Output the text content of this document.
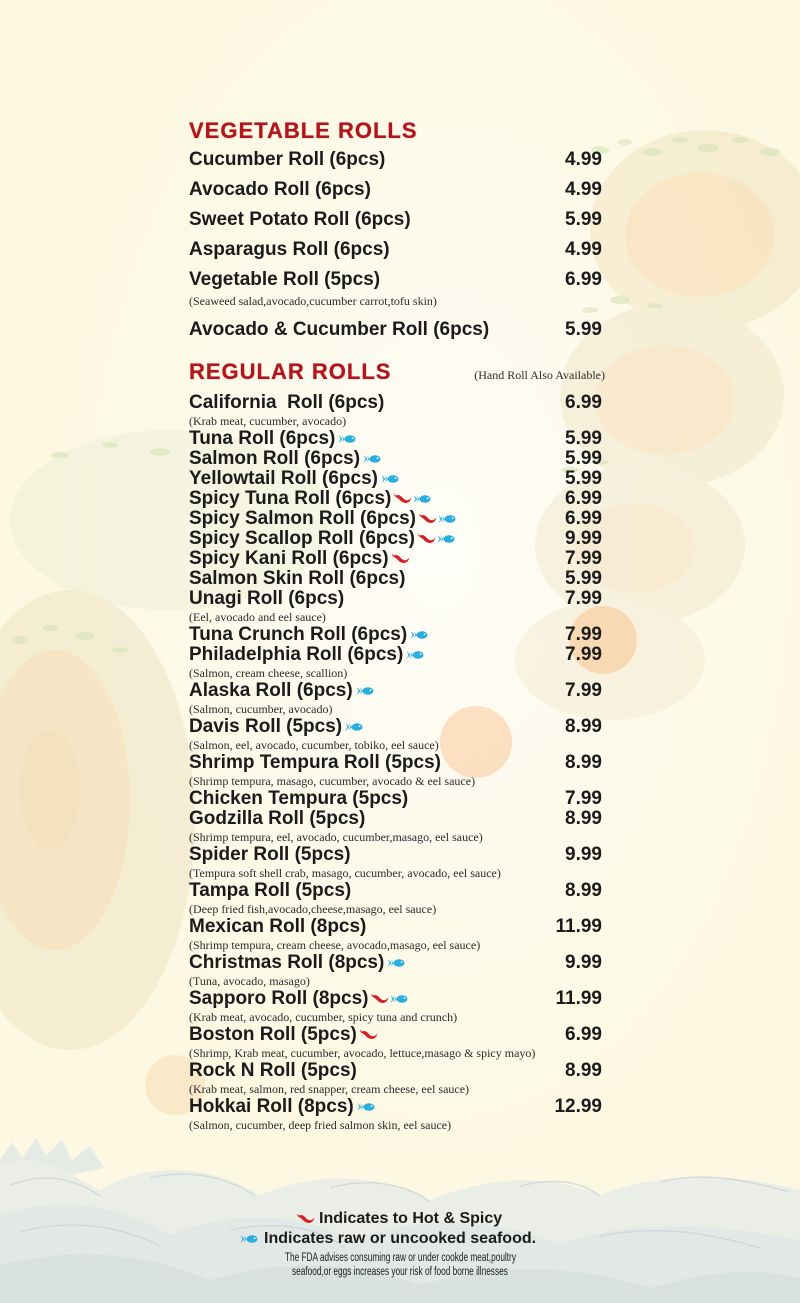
VEGETABLE ROLLS
Cucumber Roll (6pcs)	4.99
Avocado Roll (6pcs)	4.99
Sweet Potato Roll (6pcs)	5.99
Asparagus Roll (6pcs)	4.99
Vegetable Roll (5pcs)	6.99
(Seaweed salad,avocado,cucumber carrot,tofu skin)
Avocado & Cucumber Roll (6pcs)	5.99
REGULAR ROLLS	(Hand Roll Also Available)
California  Roll (6pcs)	6.99
(Krab meat, cucumber, avocado)
Tuna Roll (6pcs)	5.99
Salmon Roll (6pcs)	5.99
Yellowtail Roll (6pcs)	5.99
Spicy Tuna Roll (6pcs)	6.99
Spicy Salmon Roll (6pcs)	6.99
Spicy Scallop Roll (6pcs)	9.99
Spicy Kani Roll (6pcs)	7.99
Salmon Skin Roll (6pcs)	5.99
Unagi Roll (6pcs)	7.99
(Eel, avocado and eel sauce)
Tuna Crunch Roll (6pcs)	7.99
Philadelphia Roll (6pcs)	7.99
(Salmon, cream cheese, scallion)
Alaska Roll (6pcs)	7.99
(Salmon, cucumber, avocado)
Davis Roll (5pcs)	8.99
(Salmon, eel, avocado, cucumber, tobiko, eel sauce)
Shrimp Tempura Roll (5pcs)	8.99
(Shrimp tempura, masago, cucumber, avocado & eel sauce)
Chicken Tempura (5pcs)	7.99
Godzilla Roll (5pcs)	8.99
(Shrimp tempura, eel, avocado, cucumber,masago, eel sauce)
Spider Roll (5pcs)	9.99
(Tempura soft shell crab, masago, cucumber, avocado, eel sauce)
Tampa Roll (5pcs)	8.99
(Deep fried fish,avocado,cheese,masago, eel sauce)
Mexican Roll (8pcs)	11.99
(Shrimp tempura, cream cheese, avocado,masago, eel sauce)
Christmas Roll (8pcs)	9.99
(Tuna, avocado, masago)
Sapporo Roll (8pcs)	11.99
(Krab meat, avocado, cucumber, spicy tuna and crunch)
Boston Roll (5pcs)	6.99
(Shrimp, Krab meat, cucumber, avocado, lettuce,masago & spicy mayo)
Rock N Roll (5pcs)	8.99
(Krab meat, salmon, red snapper, cream cheese, eel sauce)
Hokkai Roll (8pcs)	12.99
(Salmon, cucumber, deep fried salmon skin, eel sauce)
Indicates to Hot & Spicy
Indicates raw or uncooked seafood.
The FDA advises consuming raw or under cookde meat,poultry
seafood,or eggs increases your risk of food borne illnesses
